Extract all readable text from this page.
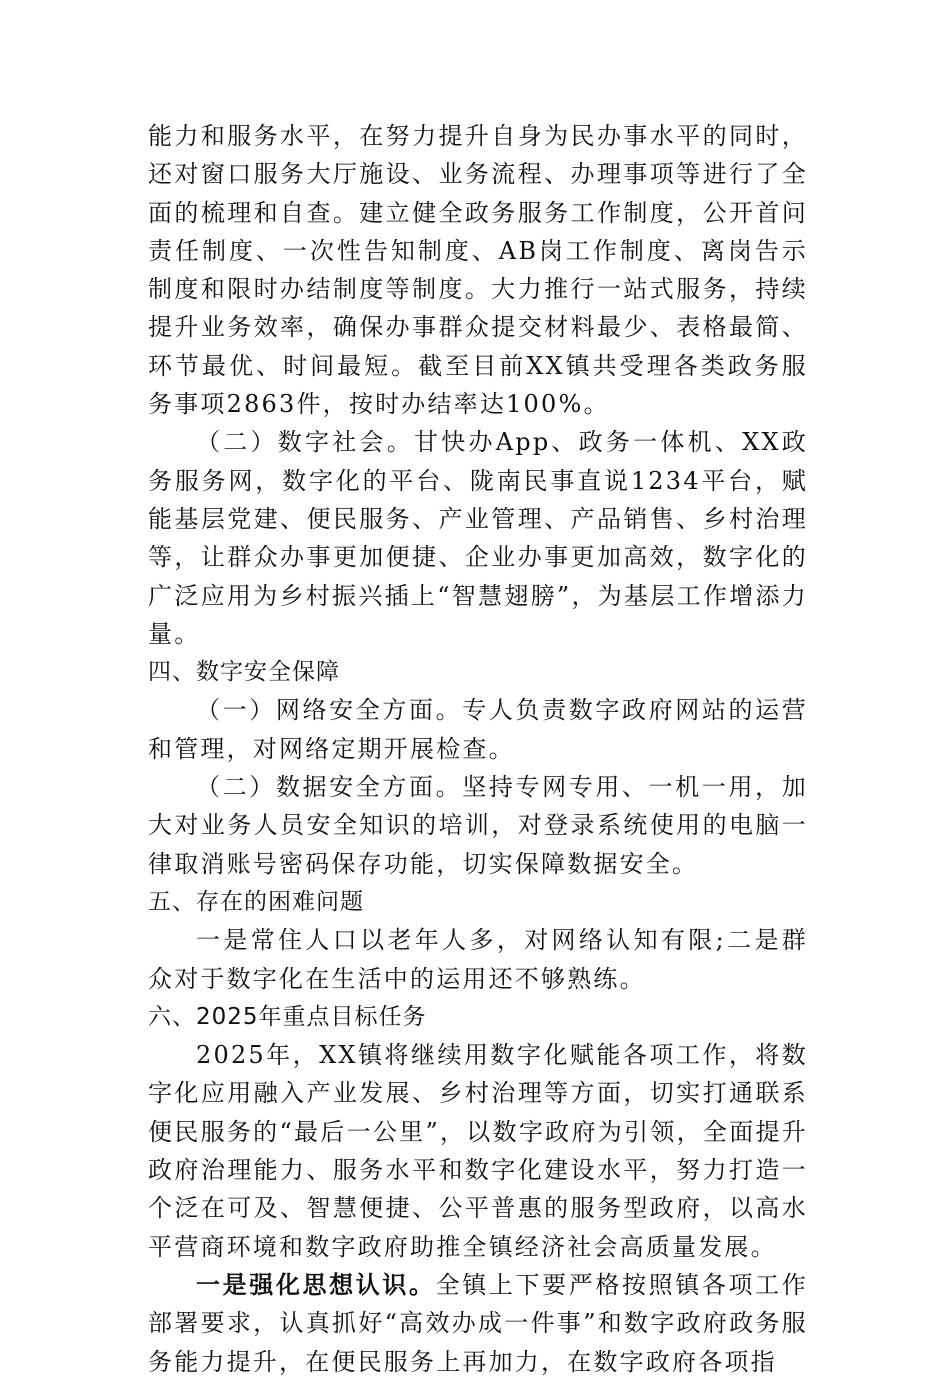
能力和服务水平，在努力提升自身为民办事水平的同时，还对窗口服务大厅施设、业务流程、办理事项等进行了全面的梳理和自查。建立健全政务服务工作制度，公开首问责任制度、一次性告知制度、AB岗工作制度、离岗告示制度和限时办结制度等制度。大力推行一站式服务，持续提升业务效率，确保办事群众提交材料最少、表格最简、环节最优、时间最短。截至目前XX镇共受理各类政务服务事项2863件，按时办结率达100%。

（二）数字社会。甘快办App、政务一体机、XX政务服务网，数字化的平台、陇南民事直说1234平台，赋能基层党建、便民服务、产业管理、产品销售、乡村治理等，让群众办事更加便捷、企业办事更加高效，数字化的广泛应用为乡村振兴插上“智慧翅膀”，为基层工作增添力量。

四、数字安全保障

（一）网络安全方面。专人负责数字政府网站的运营和管理，对网络定期开展检查。

（二）数据安全方面。坚持专网专用、一机一用，加大对业务人员安全知识的培训，对登录系统使用的电脑一律取消账号密码保存功能，切实保障数据安全。

五、存在的困难问题

一是常住人口以老年人多，对网络认知有限;二是群众对于数字化在生活中的运用还不够熟练。

六、2025年重点目标任务

2025年，XX镇将继续用数字化赋能各项工作，将数字化应用融入产业发展、乡村治理等方面，切实打通联系便民服务的“最后一公里”，以数字政府为引领，全面提升政府治理能力、服务水平和数字化建设水平，努力打造一个泛在可及、智慧便捷、公平普惠的服务型政府，以高水平营商环境和数字政府助推全镇经济社会高质量发展。

一是强化思想认识。全镇上下要严格按照镇各项工作部署要求，认真抓好“高效办成一件事”和数字政府政务服务能力提升，在便民服务上再加力，在数字政府各项指
